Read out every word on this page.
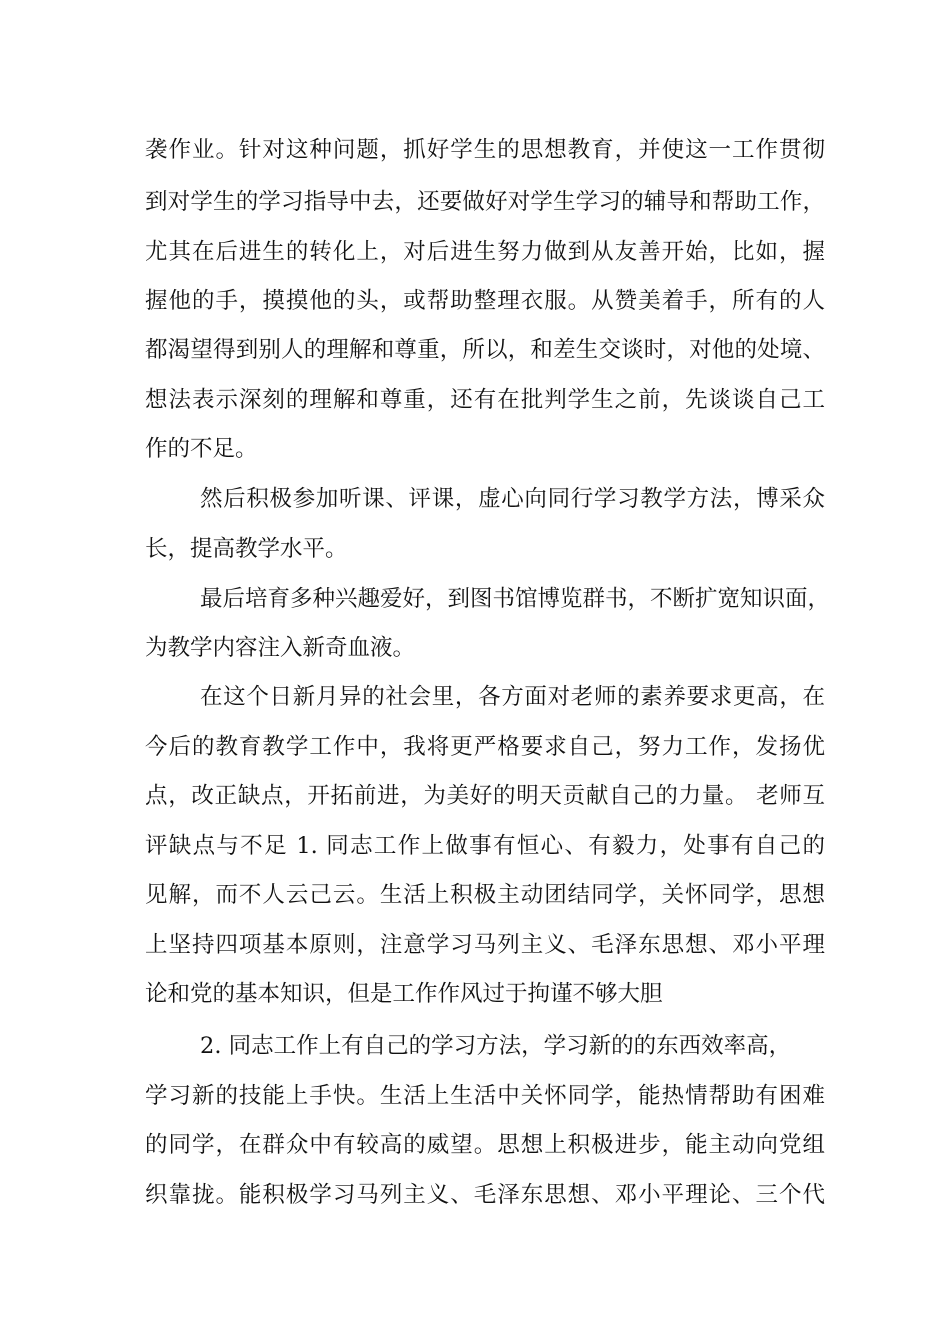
袭作业。针对这种问题，抓好学生的思想教育，并使这一工作贯彻
到对学生的学习指导中去，还要做好对学生学习的辅导和帮助工作，
尤其在后进生的转化上，对后进生努力做到从友善开始，比如，握
握他的手，摸摸他的头，或帮助整理衣服。从赞美着手，所有的人
都渴望得到别人的理解和尊重，所以，和差生交谈时，对他的处境、
想法表示深刻的理解和尊重，还有在批判学生之前，先谈谈自己工
作的不足。
然后积极参加听课、评课，虚心向同行学习教学方法，博采众
长，提高教学水平。
最后培育多种兴趣爱好，到图书馆博览群书，不断扩宽知识面，
为教学内容注入新奇血液。
在这个日新月异的社会里，各方面对老师的素养要求更高，在
今后的教育教学工作中，我将更严格要求自己，努力工作，发扬优
点，改正缺点，开拓前进，为美好的明天贡献自己的力量。 老师互
评缺点与不足 1. 同志工作上做事有恒心、有毅力，处事有自己的
见解，而不人云己云。生活上积极主动团结同学，关怀同学，思想
上坚持四项基本原则，注意学习马列主义、毛泽东思想、邓小平理
论和党的基本知识，但是工作作风过于拘谨不够大胆
2. 同志工作上有自己的学习方法，学习新的的东西效率高，
学习新的技能上手快。生活上生活中关怀同学，能热情帮助有困难
的同学，在群众中有较高的威望。思想上积极进步，能主动向党组
织靠拢。能积极学习马列主义、毛泽东思想、邓小平理论、三个代
